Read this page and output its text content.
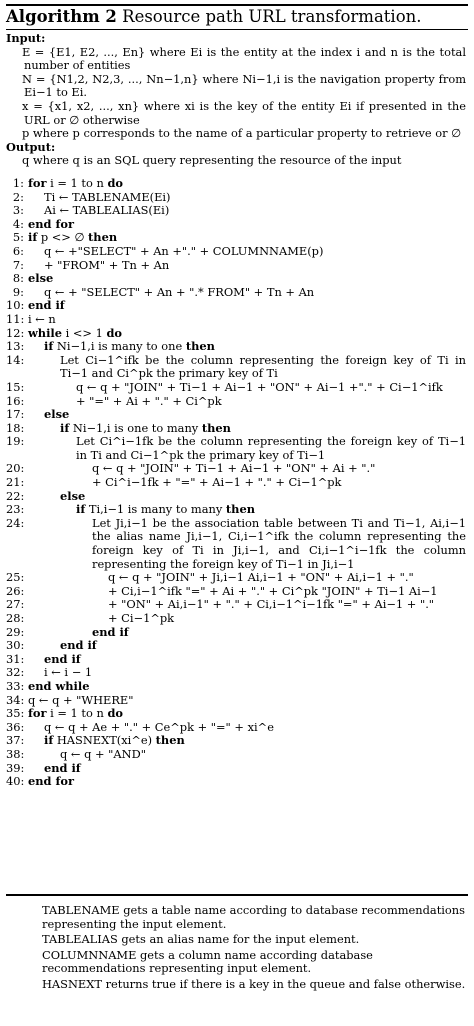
Algorithm 2 Resource path URL transformation.
Input:
E = {E1, E2, ..., En} where Ei is the entity at the index i and n is the total number of entities
N = {N1,2, N2,3, ..., Nn−1,n} where Ni−1,i is the navigation property from Ei−1 to Ei.
x = {x1, x2, ..., xn} where xi is the key of the entity Ei if presented in the URL or ∅ otherwise
p where p corresponds to the name of a particular property to retrieve or ∅
Output:
q where q is an SQL query representing the resource of the input
1: for i = 1 to n do
2:	Ti ← TABLENAME(Ei)
3:	Ai ← TABLEALIAS(Ei)
4: end for
5: if p <> ∅ then
6:	q ← +"SELECT" + An +"." + COLUMNNAME(p)
7:	+ "FROM" + Tn + An
8: else
9:	q ← + "SELECT" + An + ".* FROM" + Tn + An
10: end if
11: i ← n
12: while i <> 1 do
13:	if Ni−1,i is many to one then
14:	Let Ci−1^ifk be the column representing the foreign key of Ti in Ti−1 and Ci^pk the primary key of Ti
15:	q ← q + "JOIN" + Ti−1 + Ai−1 + "ON" + Ai−1 +"." + Ci−1^ifk
16:	+ "=" + Ai + "." + Ci^pk
17:	else
18:	if Ni−1,i is one to many then
19:	Let Ci^i−1fk be the column representing the foreign key of Ti−1 in Ti and Ci−1^pk the primary key of Ti−1
20:	q ← q + "JOIN" + Ti−1 + Ai−1 + "ON" + Ai + "."
21:	+ Ci^i−1fk + "=" + Ai−1 + "." + Ci−1^pk
22:	else
23:	if Ti,i−1 is many to many then
24:	Let Ji,i−1 be the association table between Ti and Ti−1, Ai,i−1 the alias name Ji,i−1, Ci,i−1^ifk the column representing the foreign key of Ti in Ji,i−1, and Ci,i−1^i−1fk the column representing the foreign key of Ti−1 in Ji,i−1
25:	q ← q + "JOIN" + Ji,i−1 Ai,i−1 + "ON" + Ai,i−1 + "."
26:	+ Ci,i−1^ifk "=" + Ai + "." + Ci^pk "JOIN" + Ti−1 Ai−1
27:	+ "ON" + Ai,i−1" + "." + Ci,i−1^i−1fk "=" + Ai−1 + "."
28:	+ Ci−1^pk
29:	end if
30:	end if
31:	end if
32:	i ← i − 1
33: end while
34: q ← q + "WHERE"
35: for i = 1 to n do
36:	q ← q + Ae + "." + Ce^pk + "=" + xi^e
37:	if HASNEXT(xi^e) then
38:	q ← q + "AND"
39:	end if
40: end for
TABLENAME gets a table name according to database recommendations representing the input element.
TABLEALIAS gets an alias name for the input element.
COLUMNNAME gets a column name according database recommendations representing input element.
HASNEXT returns true if there is a key in the queue and false otherwise.
